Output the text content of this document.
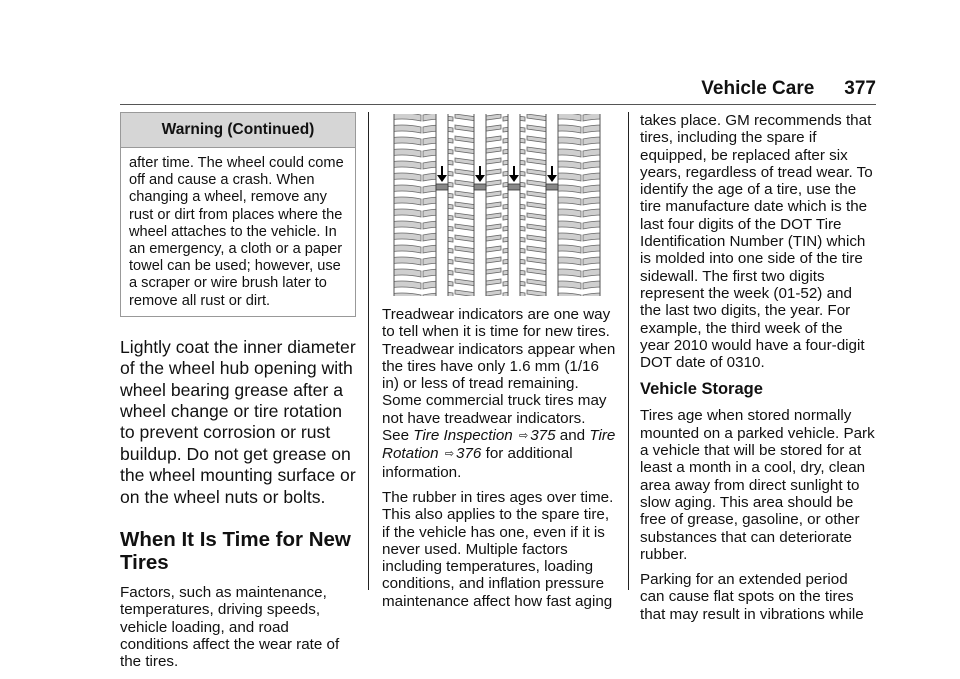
Vehicle Care 377
Warning (Continued)
after time. The wheel could come off and cause a crash. When changing a wheel, remove any rust or dirt from places where the wheel attaches to the vehicle. In an emergency, a cloth or a paper towel can be used; however, use a scraper or wire brush later to remove all rust or dirt.
Lightly coat the inner diameter of the wheel hub opening with wheel bearing grease after a wheel change or tire rotation to prevent corrosion or rust buildup. Do not get grease on the wheel mounting surface or on the wheel nuts or bolts.
When It Is Time for New Tires

Factors, such as maintenance, temperatures, driving speeds, vehicle loading, and road conditions affect the wear rate of the tires.

Treadwear indicators are one way to tell when it is time for new tires. Treadwear indicators appear when the tires have only 1.6 mm (1/16 in) or less of tread remaining. Some commercial truck tires may not have treadwear indicators.
See Tire Inspection ⇨ 375 and Tire Rotation ⇨ 376 for additional information.

The rubber in tires ages over time. This also applies to the spare tire, if the vehicle has one, even if it is never used. Multiple factors including temperatures, loading conditions, and inflation pressure maintenance affect how fast aging

takes place. GM recommends that tires, including the spare if equipped, be replaced after six years, regardless of tread wear. To identify the age of a tire, use the tire manufacture date which is the last four digits of the DOT Tire Identification Number (TIN) which is molded into one side of the tire sidewall. The first two digits represent the week (01-52) and the last two digits, the year. For example, the third week of the year 2010 would have a four-digit DOT date of 0310.

Vehicle Storage

Tires age when stored normally mounted on a parked vehicle. Park a vehicle that will be stored for at least a month in a cool, dry, clean area away from direct sunlight to slow aging. This area should be free of grease, gasoline, or other substances that can deteriorate rubber.

Parking for an extended period can cause flat spots on the tires that may result in vibrations while
